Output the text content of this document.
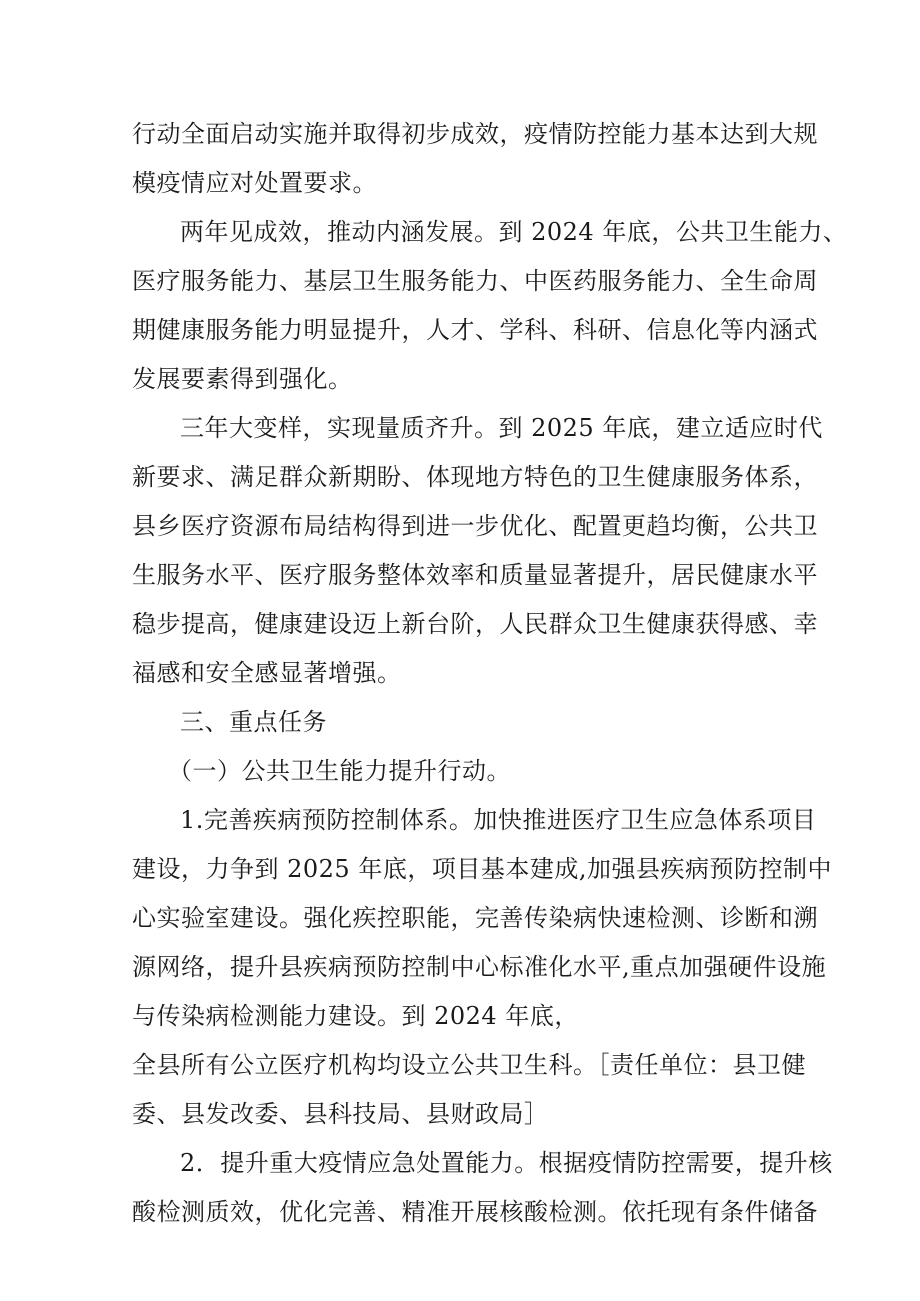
行动全面启动实施并取得初步成效，疫情防控能力基本达到大规
模疫情应对处置要求。
两年见成效，推动内涵发展。到 2024 年底，公共卫生能力、
医疗服务能力、基层卫生服务能力、中医药服务能力、全生命周
期健康服务能力明显提升，人才、学科、科研、信息化等内涵式
发展要素得到强化。
三年大变样，实现量质齐升。到 2025 年底，建立适应时代
新要求、满足群众新期盼、体现地方特色的卫生健康服务体系，
县乡医疗资源布局结构得到进一步优化、配置更趋均衡，公共卫
生服务水平、医疗服务整体效率和质量显著提升，居民健康水平
稳步提高，健康建设迈上新台阶，人民群众卫生健康获得感、幸
福感和安全感显著增强。
三、重点任务
（一）公共卫生能力提升行动。
1.完善疾病预防控制体系。加快推进医疗卫生应急体系项目
建设，力争到 2025 年底，项目基本建成,加强县疾病预防控制中
心实验室建设。强化疾控职能，完善传染病快速检测、诊断和溯
源网络，提升县疾病预防控制中心标准化水平,重点加强硬件设施
与传染病检测能力建设。到 2024 年底，
全县所有公立医疗机构均设立公共卫生科。［责任单位：县卫健
委、县发改委、县科技局、县财政局］
2．提升重大疫情应急处置能力。根据疫情防控需要，提升核
酸检测质效，优化完善、精准开展核酸检测。依托现有条件储备
